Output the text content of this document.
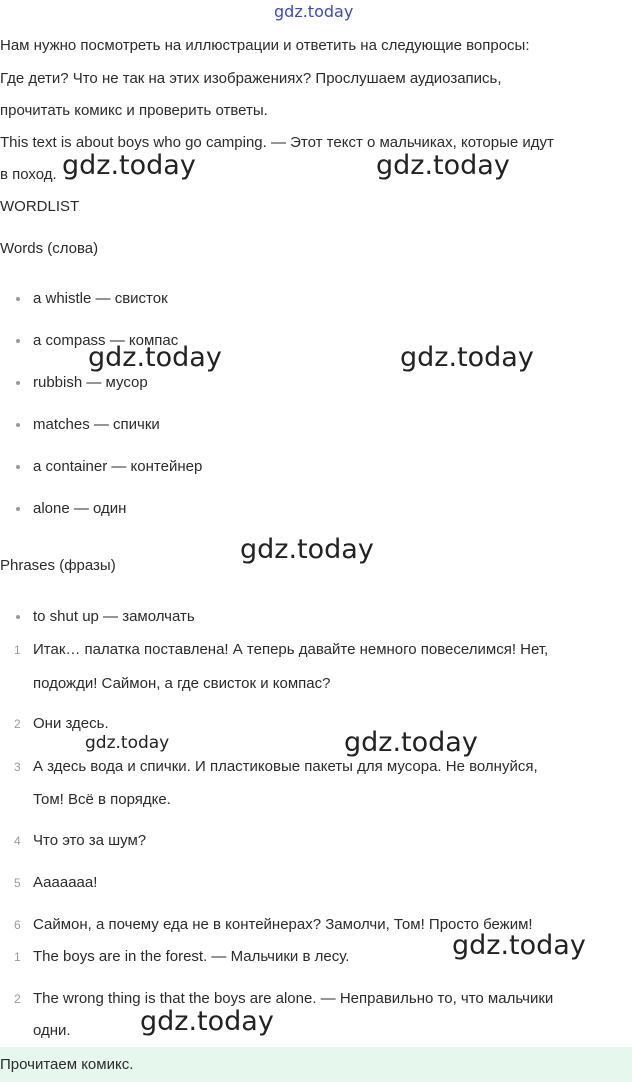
gdz.today
Нам нужно посмотреть на иллюстрации и ответить на следующие вопросы:
Где дети? Что не так на этих изображениях? Прослушаем аудиозапись,
прочитать комикс и проверить ответы.
This text is about boys who go camping. — Этот текст о мальчиках, которые идут
в поход.
WORDLIST
Words (слова)
a whistle — свисток
a compass — компас
rubbish — мусор
matches — спички
a container — контейнер
alone — один
Phrases (фразы)
to shut up — замолчать
1 Итак… палатка поставлена! А теперь давайте немного повеселимся! Нет,
подожди! Саймон, а где свисток и компас?
2 Они здесь.
3 А здесь вода и спички. И пластиковые пакеты для мусора. Не волнуйся,
Том! Всё в порядке.
4 Что это за шум?
5 Ааааааа!
6 Саймон, а почему еда не в контейнерах? Замолчи, Том! Просто бежим!
1 The boys are in the forest. — Мальчики в лесу.
2 The wrong thing is that the boys are alone. — Неправильно то, что мальчики
одни.
Прочитаем комикс.
gdz.today	gdz.today
gdz.today	gdz.today
gdz.today
gdz.today	gdz.today
gdz.today
gdz.today
